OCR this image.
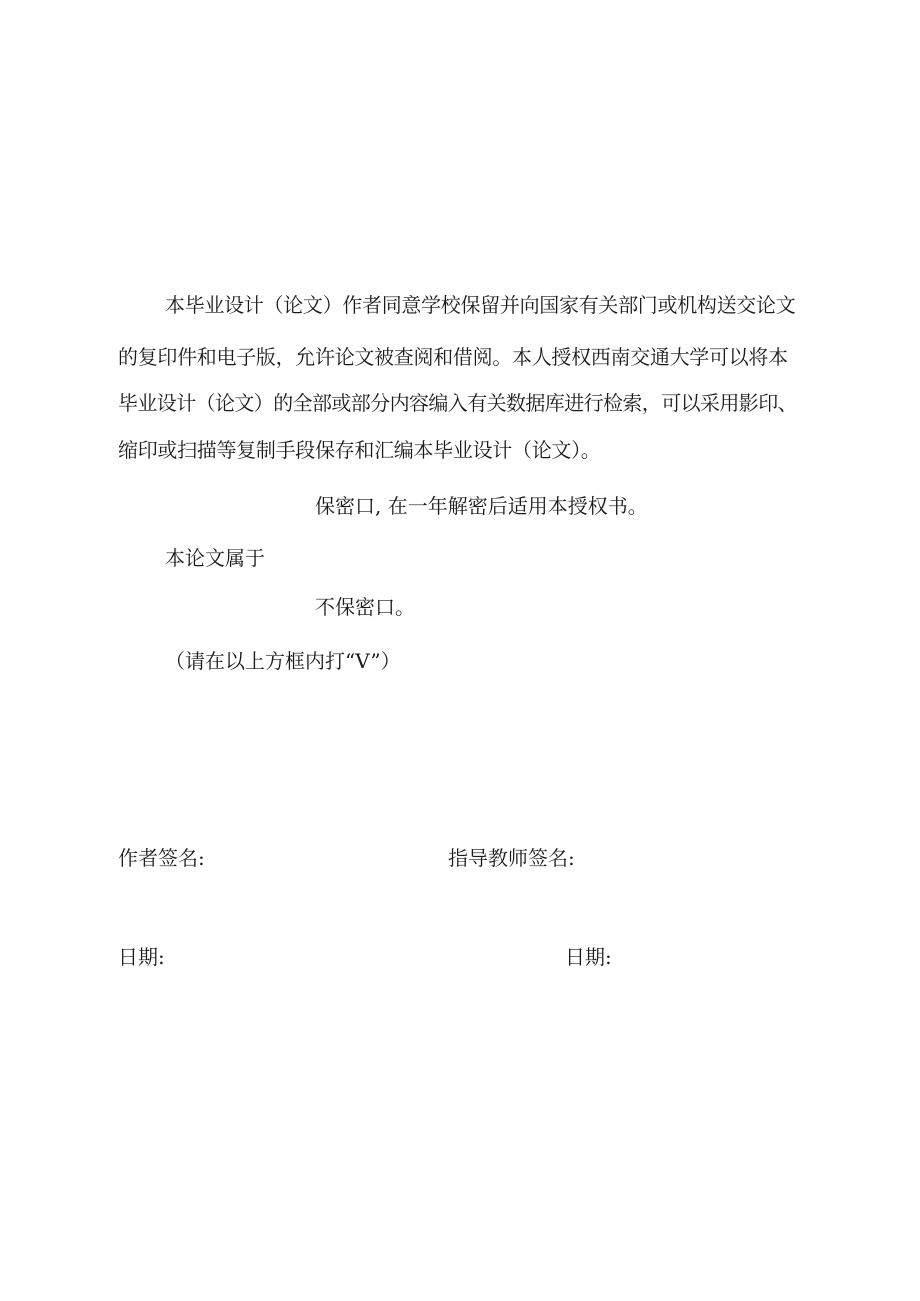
本毕业设计（论文）作者同意学校保留并向国家有关部门或机构送交论文
的复印件和电子版，允许论文被查阅和借阅。本人授权西南交通大学可以将本
毕业设计（论文）的全部或部分内容编入有关数据库进行检索，可以采用影印、
缩印或扫描等复制手段保存和汇编本毕业设计（论文）。
保密口, 在一年解密后适用本授权书。
本论文属于
不保密口。
（请在以上方框内打“V”）
作者签名:	指导教师签名:
日期:	日期:
